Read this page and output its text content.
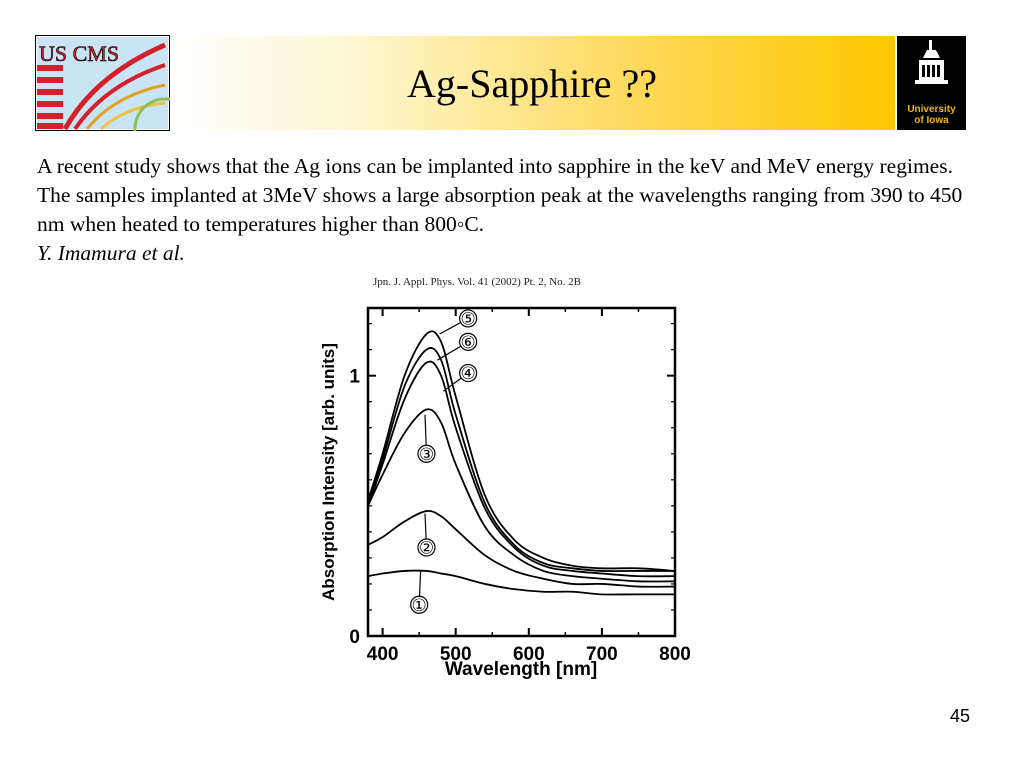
US CMS
Ag-Sapphire ??
University
of Iowa
A recent study shows that the Ag ions can be implanted into sapphire in the keV and MeV energy regimes. The samples implanted at 3MeV shows a large absorption peak at the wavelengths ranging from 390 to 450 nm when heated to temperatures higher than 800◦C.
Y. Imamura et al.
Jpn. J. Appl. Phys. Vol. 41 (2002) Pt. 2, No. 2B
400 500 600 700 800
0
1
⑤
⑥
④
③
②
①
Wavelength [nm]
Absorption Intensity [arb. units]
45
